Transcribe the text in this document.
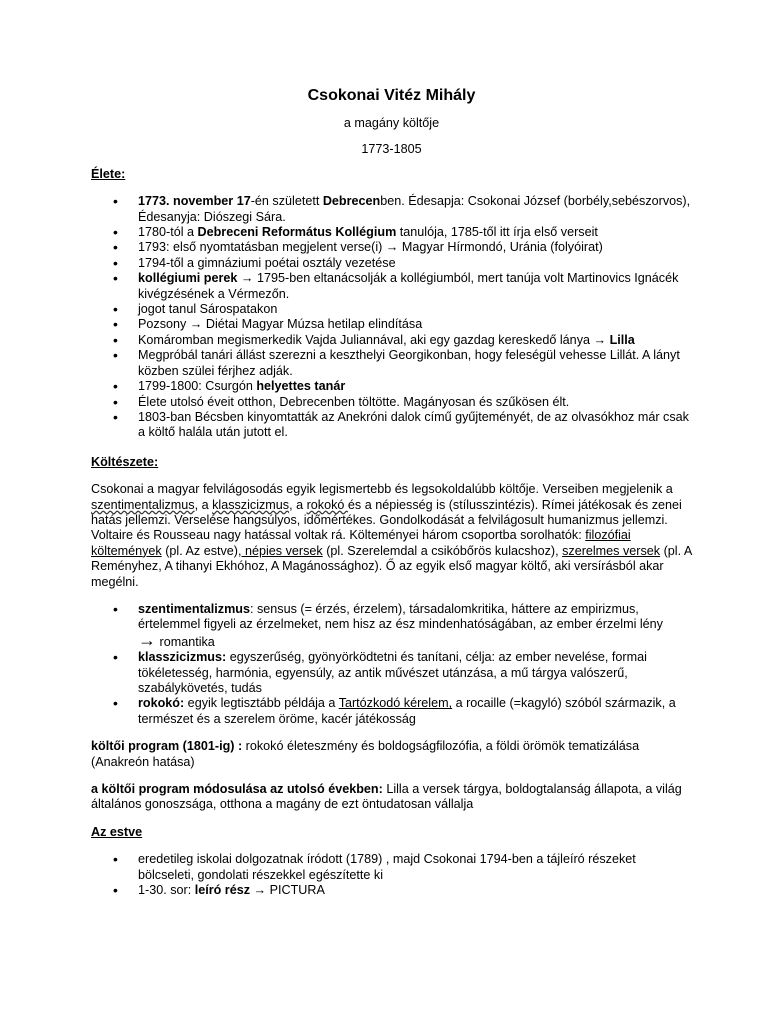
Csokonai Vitéz Mihály
a magány költője
1773-1805
Élete:
• 1773. november 17-én született Debrecenben. Édesapja: Csokonai József (borbély,sebészorvos), Édesanyja: Diószegi Sára.
• 1780-tól a Debreceni Református Kollégium tanulója, 1785-től itt írja első verseit
• 1793: első nyomtatásban megjelent verse(i) → Magyar Hírmondó, Uránia (folyóirat)
• 1794-től a gimnáziumi poétai osztály vezetése
• kollégiumi perek → 1795-ben eltanácsolják a kollégiumból, mert tanúja volt Martinovics Ignácék kivégzésének a Vérmezőn.
• jogot tanul Sárospatakon
• Pozsony → Diétai Magyar Múzsa hetilap elindítása
• Komáromban megismerkedik Vajda Juliannával, aki egy gazdag kereskedő lánya → Lilla
• Megpróbál tanári állást szerezni a keszthelyi Georgikonban, hogy feleségül vehesse Lillát. A lányt közben szülei férjhez adják.
• 1799-1800: Csurgón helyettes tanár
• Élete utolsó éveit otthon, Debrecenben töltötte. Magányosan és szűkösen élt.
• 1803-ban Bécsben kinyomtatták az Anekróni dalok című gyűjteményét, de az olvasókhoz már csak a költő halála után jutott el.
Költészete:
Csokonai a magyar felvilágosodás egyik legismertebb és legsokoldalúbb költője. Verseiben megjelenik a szentimentalizmus, a klasszicizmus, a rokokó és a népiesség is (stílusszintézis). Rímei játékosak és zenei hatás jellemzi. Verselése hangsúlyos, időmértékes. Gondolkodását a felvilágosult humanizmus jellemzi. Voltaire és Rousseau nagy hatással voltak rá. Költeményei három csoportba sorolhatók: filozófiai költemények (pl. Az estve), népies versek (pl. Szerelemdal a csikóbőrös kulacshoz), szerelmes versek (pl. A Reményhez, A tihanyi Ekhóhoz, A Magánossághoz). Ő az egyik első magyar költő, aki versírásból akar megélni.
• szentimentalizmus: sensus (= érzés, érzelem), társadalomkritika, háttere az empirizmus, értelemmel figyeli az érzelmeket, nem hisz az ész mindenhatóságában, az ember érzelmi lény
→ romantika
• klasszicizmus: egyszerűség, gyönyörködtetni és tanítani, célja: az ember nevelése, formai tökéletesség, harmónia, egyensúly, az antik művészet utánzása, a mű tárgya valószerű, szabálykövetés, tudás
• rokokó: egyik legtisztább példája a Tartózkodó kérelem, a rocaille (=kagyló) szóból származik, a természet és a szerelem öröme, kacér játékosság
költői program (1801-ig) : rokokó életeszmény és boldogságfilozófia, a földi örömök tematizálása (Anakreón hatása)
a költői program módosulása az utolsó években: Lilla a versek tárgya, boldogtalanság állapota, a világ általános gonoszsága, otthona a magány de ezt öntudatosan vállalja
Az estve
• eredetileg iskolai dolgozatnak íródott (1789) , majd Csokonai 1794-ben a tájleíró részeket bölcseleti, gondolati részekkel egészítette ki
• 1-30. sor: leíró rész → PICTURA
